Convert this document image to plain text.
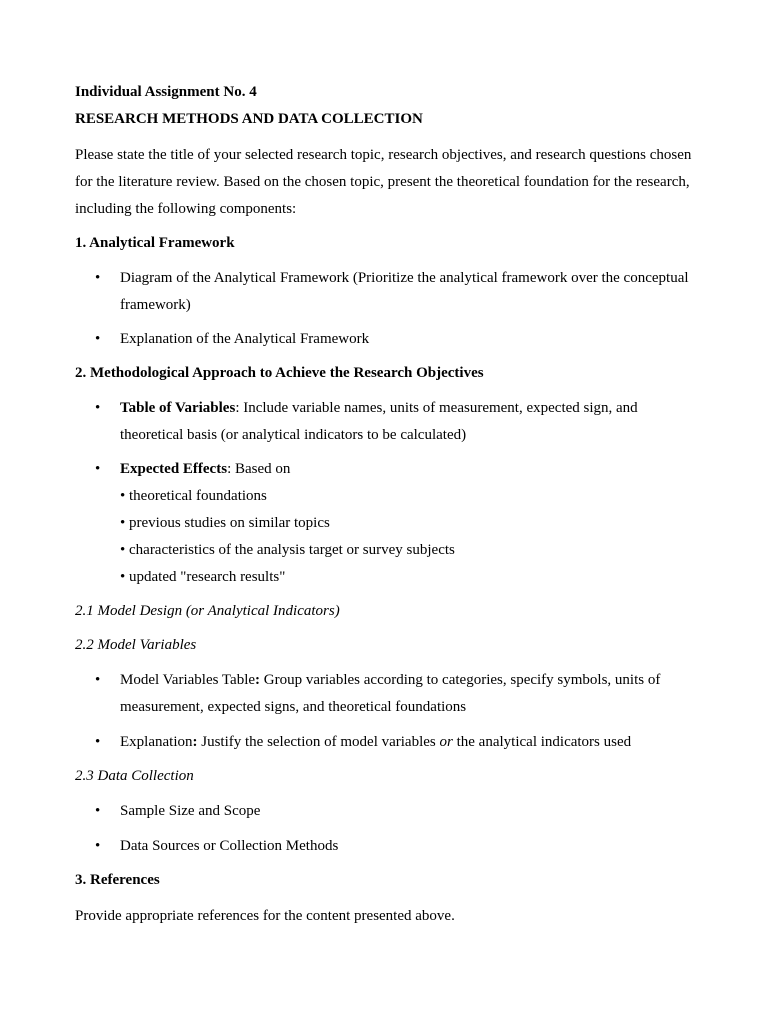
Individual Assignment No. 4

RESEARCH METHODS AND DATA COLLECTION

Please state the title of your selected research topic, research objectives, and research questions chosen for the literature review. Based on the chosen topic, present the theoretical foundation for the research, including the following components:

1. Analytical Framework

• Diagram of the Analytical Framework (Prioritize the analytical framework over the conceptual framework)
• Explanation of the Analytical Framework

2. Methodological Approach to Achieve the Research Objectives

• Table of Variables: Include variable names, units of measurement, expected sign, and theoretical basis (or analytical indicators to be calculated)
• Expected Effects: Based on
• theoretical foundations
• previous studies on similar topics
• characteristics of the analysis target or survey subjects
• updated "research results"

2.1 Model Design (or Analytical Indicators)

2.2 Model Variables

• Model Variables Table: Group variables according to categories, specify symbols, units of measurement, expected signs, and theoretical foundations
• Explanation: Justify the selection of model variables or the analytical indicators used

2.3 Data Collection

• Sample Size and Scope
• Data Sources or Collection Methods

3. References

Provide appropriate references for the content presented above.
